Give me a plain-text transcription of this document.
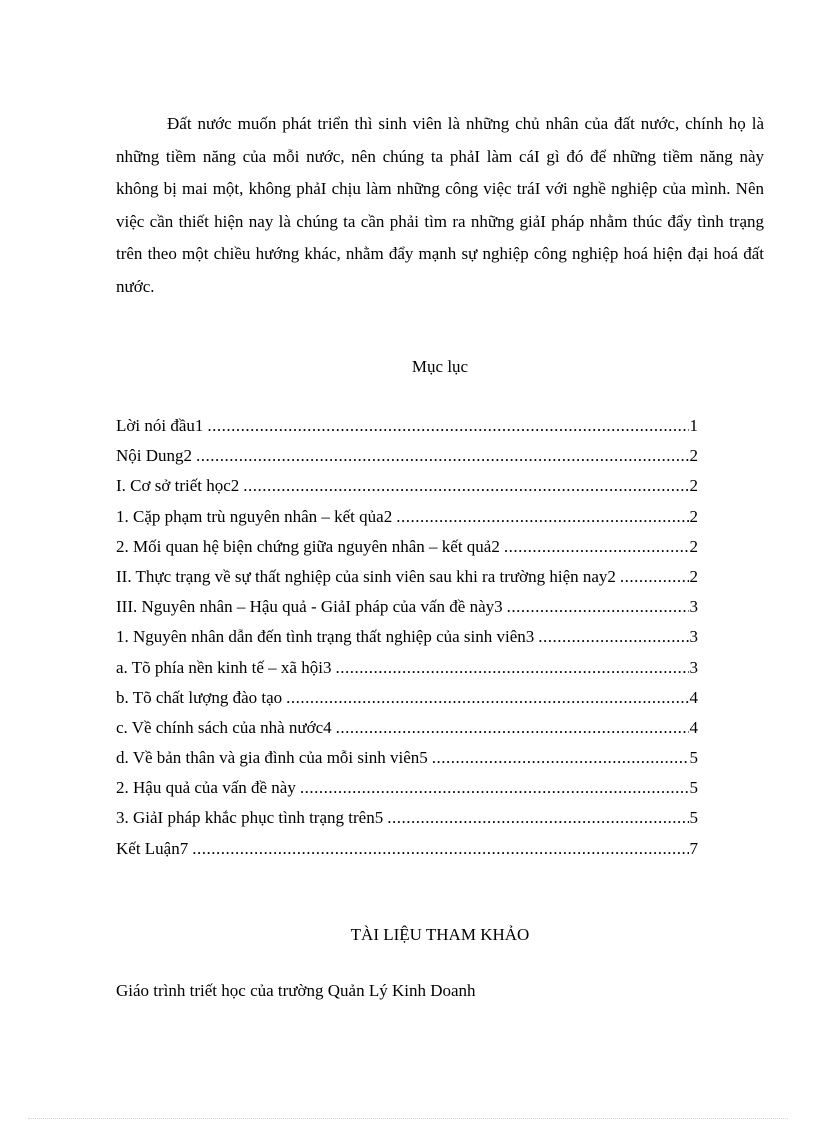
Đất nước muốn phát triển thì sinh viên là những chủ nhân của đất nước, chính họ là những tiềm năng của mỗi nước, nên chúng ta phảI làm cáI gì đó để những tiềm năng này không bị mai một, không phảI chịu làm những công việc tráI với nghề nghiệp của mình. Nên việc cần thiết hiện nay là chúng ta cần phải tìm ra những giảI pháp nhằm thúc đẩy tình trạng trên theo một chiều hướng khác, nhằm đẩy mạnh sự nghiệp công nghiệp hoá hiện đại hoá đất nước.

Mục lục
Lời nói đầu1 .....	1
Nội Dung2 .....	2
I. Cơ sở triết học2 .....	2
1. Cặp phạm trù nguyên nhân – kết qủa2 .....	2
2. Mối quan hệ biện chứng giữa nguyên nhân – kết quả2 .....	2
II. Thực trạng về sự thất nghiệp của sinh viên sau khi ra trường hiện nay2 .....	2
III. Nguyên nhân – Hậu quả - GiảI pháp của vấn đề này3 .....	3
1. Nguyên nhân dẫn đến tình trạng thất nghiệp của sinh viên3 .....	3
a. Tõ phía nền kinh tế – xã hội3 .....	3
b. Tõ chất lượng đào tạo .....	4
c. Về chính sách của nhà nước4 .....	4
d. Về bản thân và gia đình của mỗi sinh viên5 .....	5
2. Hậu quả của vấn đề này .....	5
3. GiảI pháp khắc phục tình trạng trên5 .....	5
Kết Luận7 .....	7
TÀI LIỆU THAM KHẢO

Giáo trình triết học của trường Quản Lý Kinh Doanh
